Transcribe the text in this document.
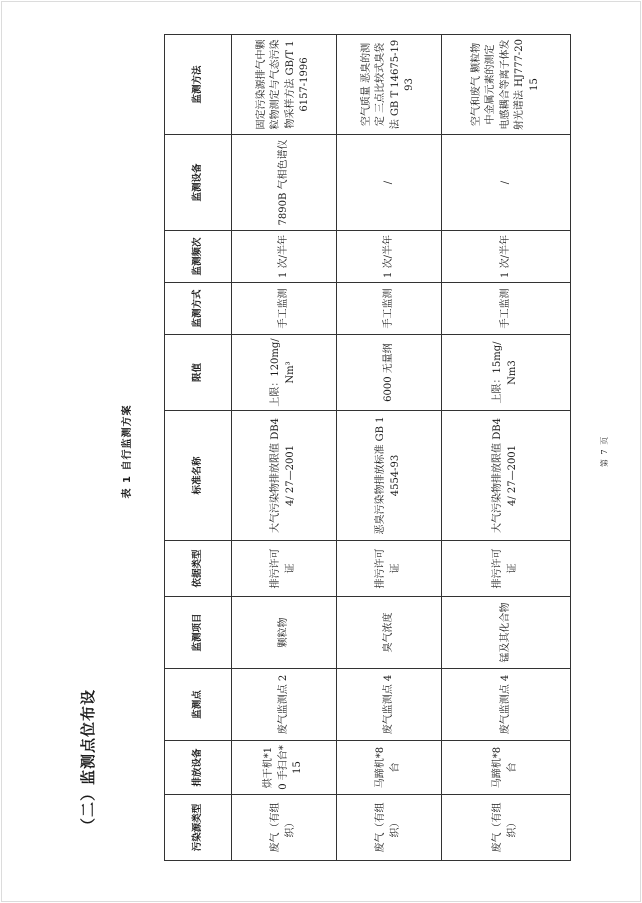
（二）监测点位布设
表 1 自行监测方案
污染源类型	排放设备	监测点	监测项目	依据类型	标准名称	限值	监测方式	监测频次	监测设备	监测方法
废气（有组织）	烘干机*10 手扫台*15	废气监测点 2	颗粒物	排污许可证	大气污染物排放限值 DB44/ 27—2001	上限：120mg/Nm³	手工监测	1 次/半年	7890B 气相色谱仪	固定污染源排气中颗粒物测定与气态污染物采样方法 GB/T 16157-1996
废气（有组织）	马蹄机*8台	废气监测点 4	臭气浓度	排污许可证	恶臭污染物排放标准 GB 14554-93	6000 无量纲	手工监测	1 次/半年	/	空气质量 恶臭的测定 三点比较式臭袋法 GB T 14675-1993
废气（有组织）	马蹄机*8台	废气监测点 4	锰及其化合物	排污许可证	大气污染物排放限值 DB44/ 27—2001	上限：15mg/Nm3	手工监测	1 次/半年	/	空气和废气 颗粒物中金属元素的测定 电感耦合等离子体发射光谱法 HJ777-2015
第 7 页
